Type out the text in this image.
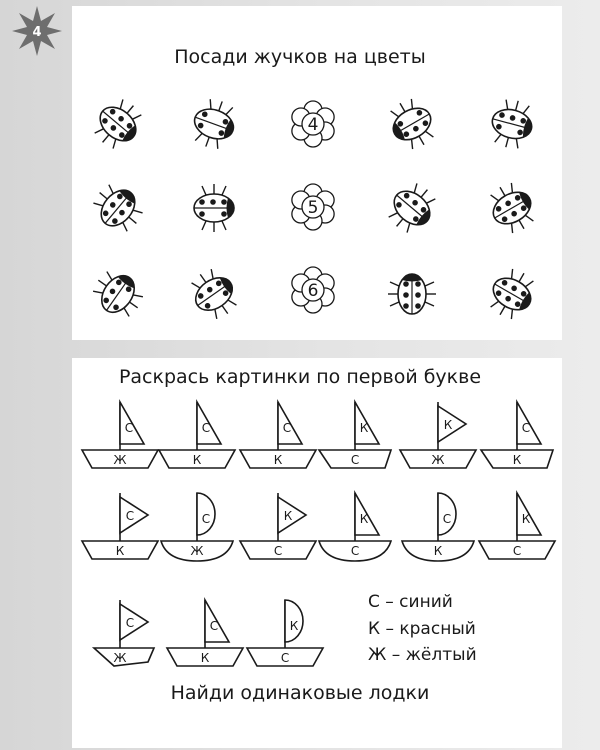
4
Посади жучков на цветы
Раскрась картинки по первой букве
Найди одинаковые лодки
4
5
6
С
Ж
С
К
С
К
К
С
К
Ж
С
К
С
К
С
Ж
К
С
К
С
С
К
К
С
С
Ж
С
К
К
С
С – синий
К – красный
Ж – жёлтый
